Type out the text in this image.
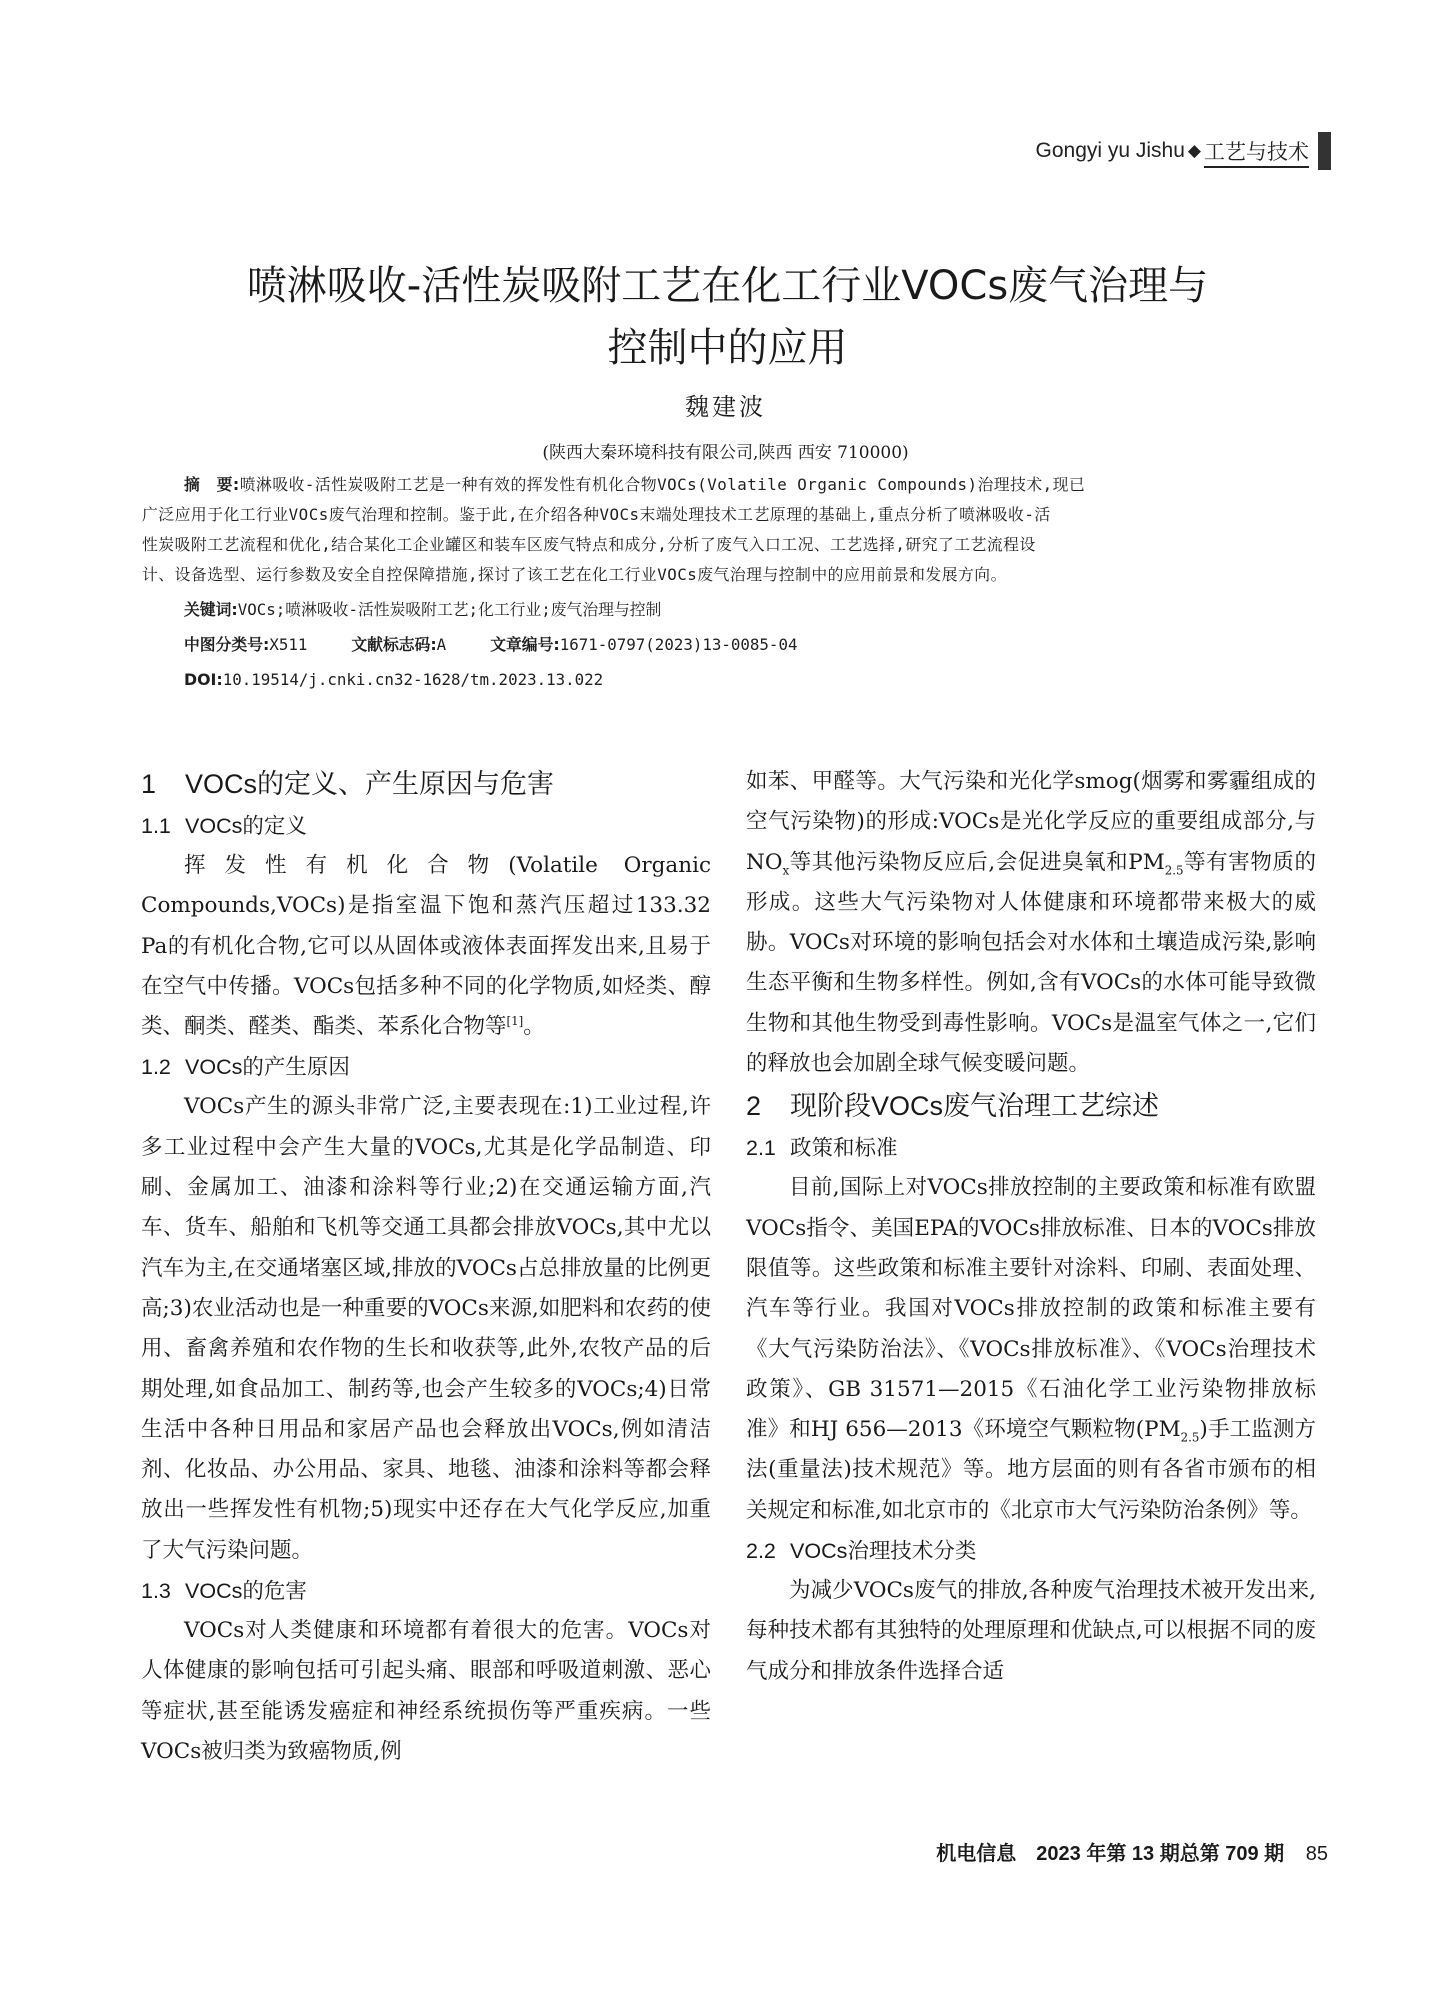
Gongyi yu Jishu ◆ 工艺与技术
喷淋吸收-活性炭吸附工艺在化工行业VOCs废气治理与
控制中的应用
魏建波
(陕西大秦环境科技有限公司,陕西 西安 710000)
摘　要:喷淋吸收-活性炭吸附工艺是一种有效的挥发性有机化合物VOCs(Volatile Organic Compounds)治理技术,现已
广泛应用于化工行业VOCs废气治理和控制。鉴于此,在介绍各种VOCs末端处理技术工艺原理的基础上,重点分析了喷淋吸收-活
性炭吸附工艺流程和优化,结合某化工企业罐区和装车区废气特点和成分,分析了废气入口工况、工艺选择,研究了工艺流程设
计、设备选型、运行参数及安全自控保障措施,探讨了该工艺在化工行业VOCs废气治理与控制中的应用前景和发展方向。
关键词:VOCs;喷淋吸收-活性炭吸附工艺;化工行业;废气治理与控制
中图分类号:X511	文献标志码:A	文章编号:1671-0797(2023)13-0085-04
DOI:10.19514/j.cnki.cn32-1628/tm.2023.13.022
1 VOCs的定义、产生原因与危害
1.1 VOCs的定义

挥发性有机化合物(Volatile Organic Compounds,VOCs)是指室温下饱和蒸汽压超过133.32 Pa的有机化合物,它可以从固体或液体表面挥发出来,且易于在空气中传播。VOCs包括多种不同的化学物质,如烃类、醇类、酮类、醛类、酯类、苯系化合物等[1]。

1.2 VOCs的产生原因

VOCs产生的源头非常广泛,主要表现在:1)工业过程,许多工业过程中会产生大量的VOCs,尤其是化学品制造、印刷、金属加工、油漆和涂料等行业;2)在交通运输方面,汽车、货车、船舶和飞机等交通工具都会排放VOCs,其中尤以汽车为主,在交通堵塞区域,排放的VOCs占总排放量的比例更高;3)农业活动也是一种重要的VOCs来源,如肥料和农药的使用、畜禽养殖和农作物的生长和收获等,此外,农牧产品的后期处理,如食品加工、制药等,也会产生较多的VOCs;4)日常生活中各种日用品和家居产品也会释放出VOCs,例如清洁剂、化妆品、办公用品、家具、地毯、油漆和涂料等都会释放出一些挥发性有机物;5)现实中还存在大气化学反应,加重了大气污染问题。

1.3 VOCs的危害

VOCs对人类健康和环境都有着很大的危害。VOCs对人体健康的影响包括可引起头痛、眼部和呼吸道刺激、恶心等症状,甚至能诱发癌症和神经系统损伤等严重疾病。一些VOCs被归类为致癌物质,例

如苯、甲醛等。大气污染和光化学smog(烟雾和雾霾组成的空气污染物)的形成:VOCs是光化学反应的重要组成部分,与$NO_x$等其他污染物反应后,会促进臭氧和$PM_{2.5}$等有害物质的形成。这些大气污染物对人体健康和环境都带来极大的威胁。VOCs对环境的影响包括会对水体和土壤造成污染,影响生态平衡和生物多样性。例如,含有VOCs的水体可能导致微生物和其他生物受到毒性影响。VOCs是温室气体之一,它们的释放也会加剧全球气候变暖问题。

2 现阶段VOCs废气治理工艺综述
2.1 政策和标准

目前,国际上对VOCs排放控制的主要政策和标准有欧盟VOCs指令、美国EPA的VOCs排放标准、日本的VOCs排放限值等。这些政策和标准主要针对涂料、印刷、表面处理、汽车等行业。我国对VOCs排放控制的政策和标准主要有《大气污染防治法》、《VOCs排放标准》、《VOCs治理技术政策》、GB 31571—2015《石油化学工业污染物排放标准》和HJ 656—2013《环境空气颗粒物$(PM_{2.5})$手工监测方法(重量法)技术规范》等。地方层面的则有各省市颁布的相关规定和标准,如北京市的《北京市大气污染防治条例》等。

2.2 VOCs治理技术分类

为减少VOCs废气的排放,各种废气治理技术被开发出来,每种技术都有其独特的处理原理和优缺点,可以根据不同的废气成分和排放条件选择合适

机电信息　2023 年第 13 期总第 709 期 85
